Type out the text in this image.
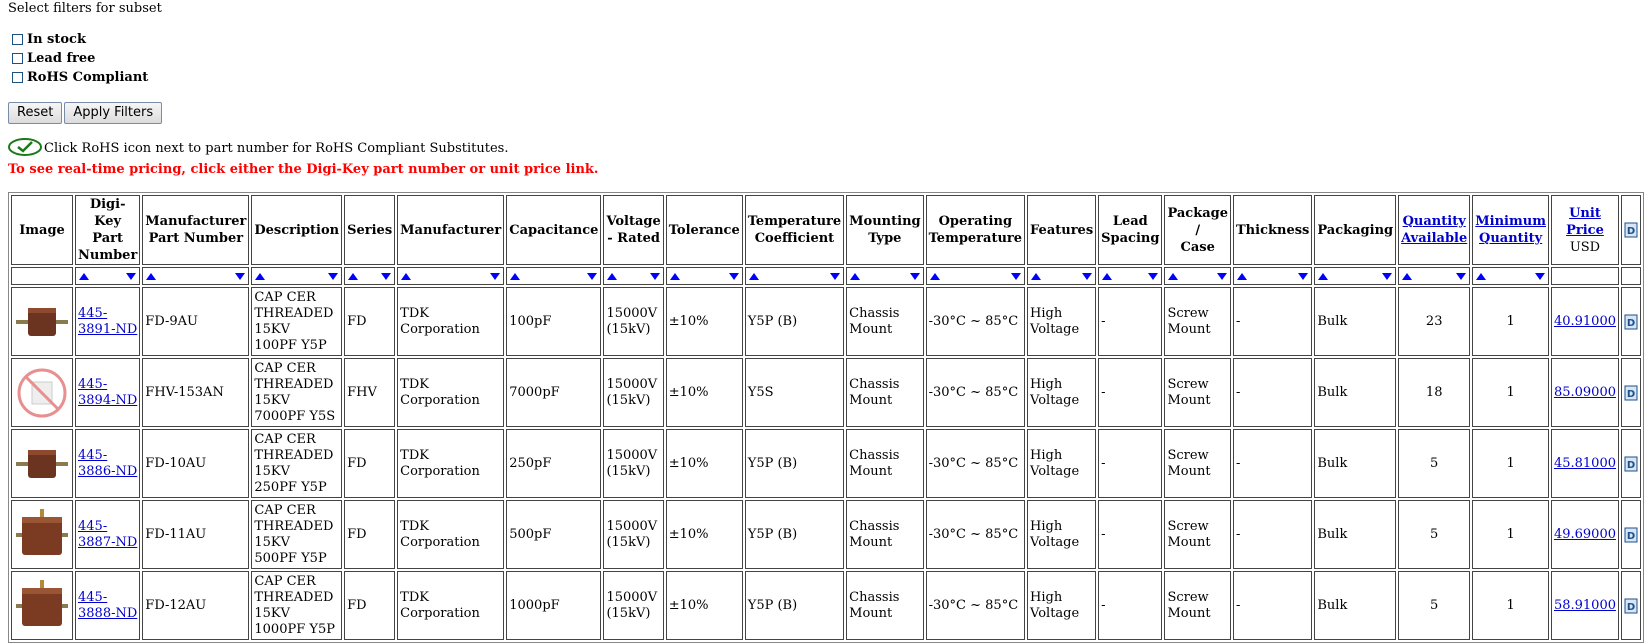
Select filters for subset
In stock
Lead free
RoHS Compliant
Reset	Apply Filters
Click RoHS icon next to part number for RoHS Compliant Substitutes.
To see real-time pricing, click either the Digi-Key part number or unit price link.
Image	Digi-Key
Part Number	Manufacturer
Part Number	Description	Series	Manufacturer	Capacitance	Voltage
- Rated	Tolerance	Temperature
Coefficient	Mounting
Type	Operating
Temperature	Features	Lead
Spacing	Package /
Case	Thickness	Packaging	Quantity
Available	Minimum
Quantity	Unit
Price
USD	D

	445-3891-ND	FD-9AU	CAP CER
THREADED
15KV
100PF Y5P	FD	TDK
Corporation	100pF	15000V
(15kV)	±10%	Y5P (B)	Chassis
Mount	-30°C ~ 85°C	High
Voltage	-	Screw
Mount	-	Bulk	23	1	40.91000	D

	445-3894-ND	FHV-153AN	CAP CER
THREADED
15KV
7000PF Y5S	FHV	TDK
Corporation	7000pF	15000V
(15kV)	±10%	Y5S	Chassis
Mount	-30°C ~ 85°C	High
Voltage	-	Screw
Mount	-	Bulk	18	1	85.09000	D

	445-3886-ND	FD-10AU	CAP CER
THREADED
15KV
250PF Y5P	FD	TDK
Corporation	250pF	15000V
(15kV)	±10%	Y5P (B)	Chassis
Mount	-30°C ~ 85°C	High
Voltage	-	Screw
Mount	-	Bulk	5	1	45.81000	D

	445-3887-ND	FD-11AU	CAP CER
THREADED
15KV
500PF Y5P	FD	TDK
Corporation	500pF	15000V
(15kV)	±10%	Y5P (B)	Chassis
Mount	-30°C ~ 85°C	High
Voltage	-	Screw
Mount	-	Bulk	5	1	49.69000	D

	445-3888-ND	FD-12AU	CAP CER
THREADED
15KV
1000PF Y5P	FD	TDK
Corporation	1000pF	15000V
(15kV)	±10%	Y5P (B)	Chassis
Mount	-30°C ~ 85°C	High
Voltage	-	Screw
Mount	-	Bulk	5	1	58.91000	D
